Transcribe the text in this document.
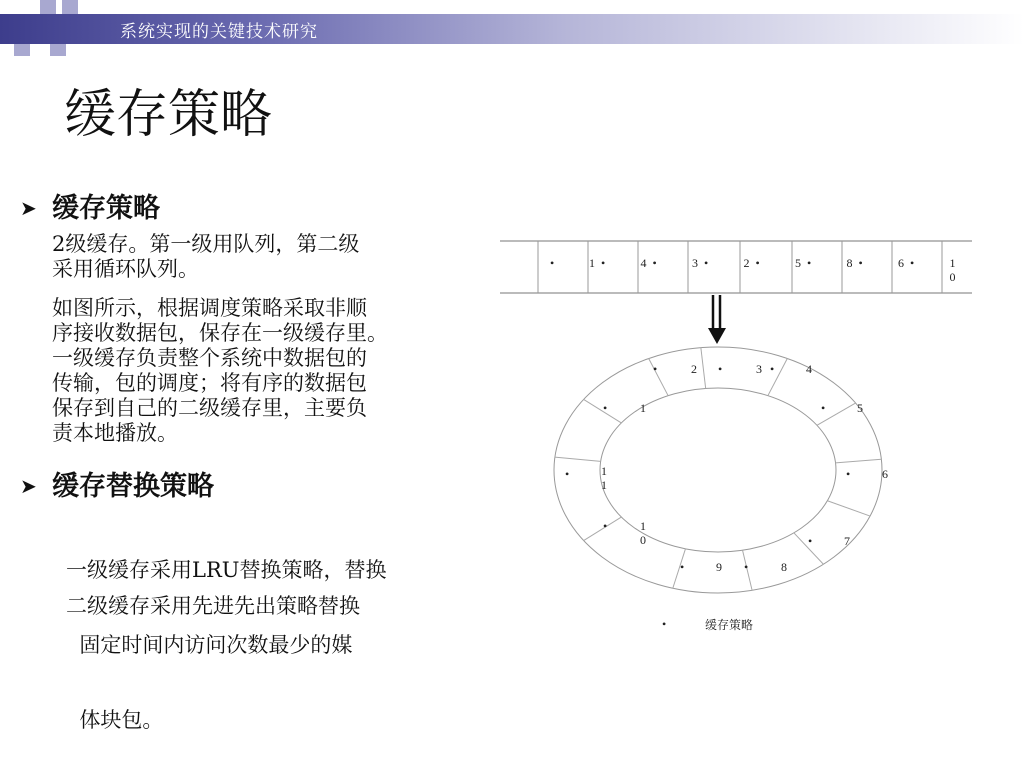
系统实现的关键技术研究
缓存策略
➤ 缓存策略
2级缓存。第一级用队列，第二级
采用循环队列。
如图所示，根据调度策略采取非顺
序接收数据包，保存在一级缓存里。
一级缓存负责整个系统中数据包的
传输，包的调度；将有序的数据包
保存到自己的二级缓存里，主要负
责本地播放。
➤ 缓存替换策略

一级缓存采用LRU替换策略，替换

固定时间内访问次数最少的媒

体块包。

二级缓存采用先进先出策略替换
•	1 •	4 •	3 •	2 •	5 •	8 •	6 •	1 0
2	3	4
5
6
7
8
9
1 0
1 1
1
•	•	•
•
•
•
•
•
•
•
•
•	缓存策略
